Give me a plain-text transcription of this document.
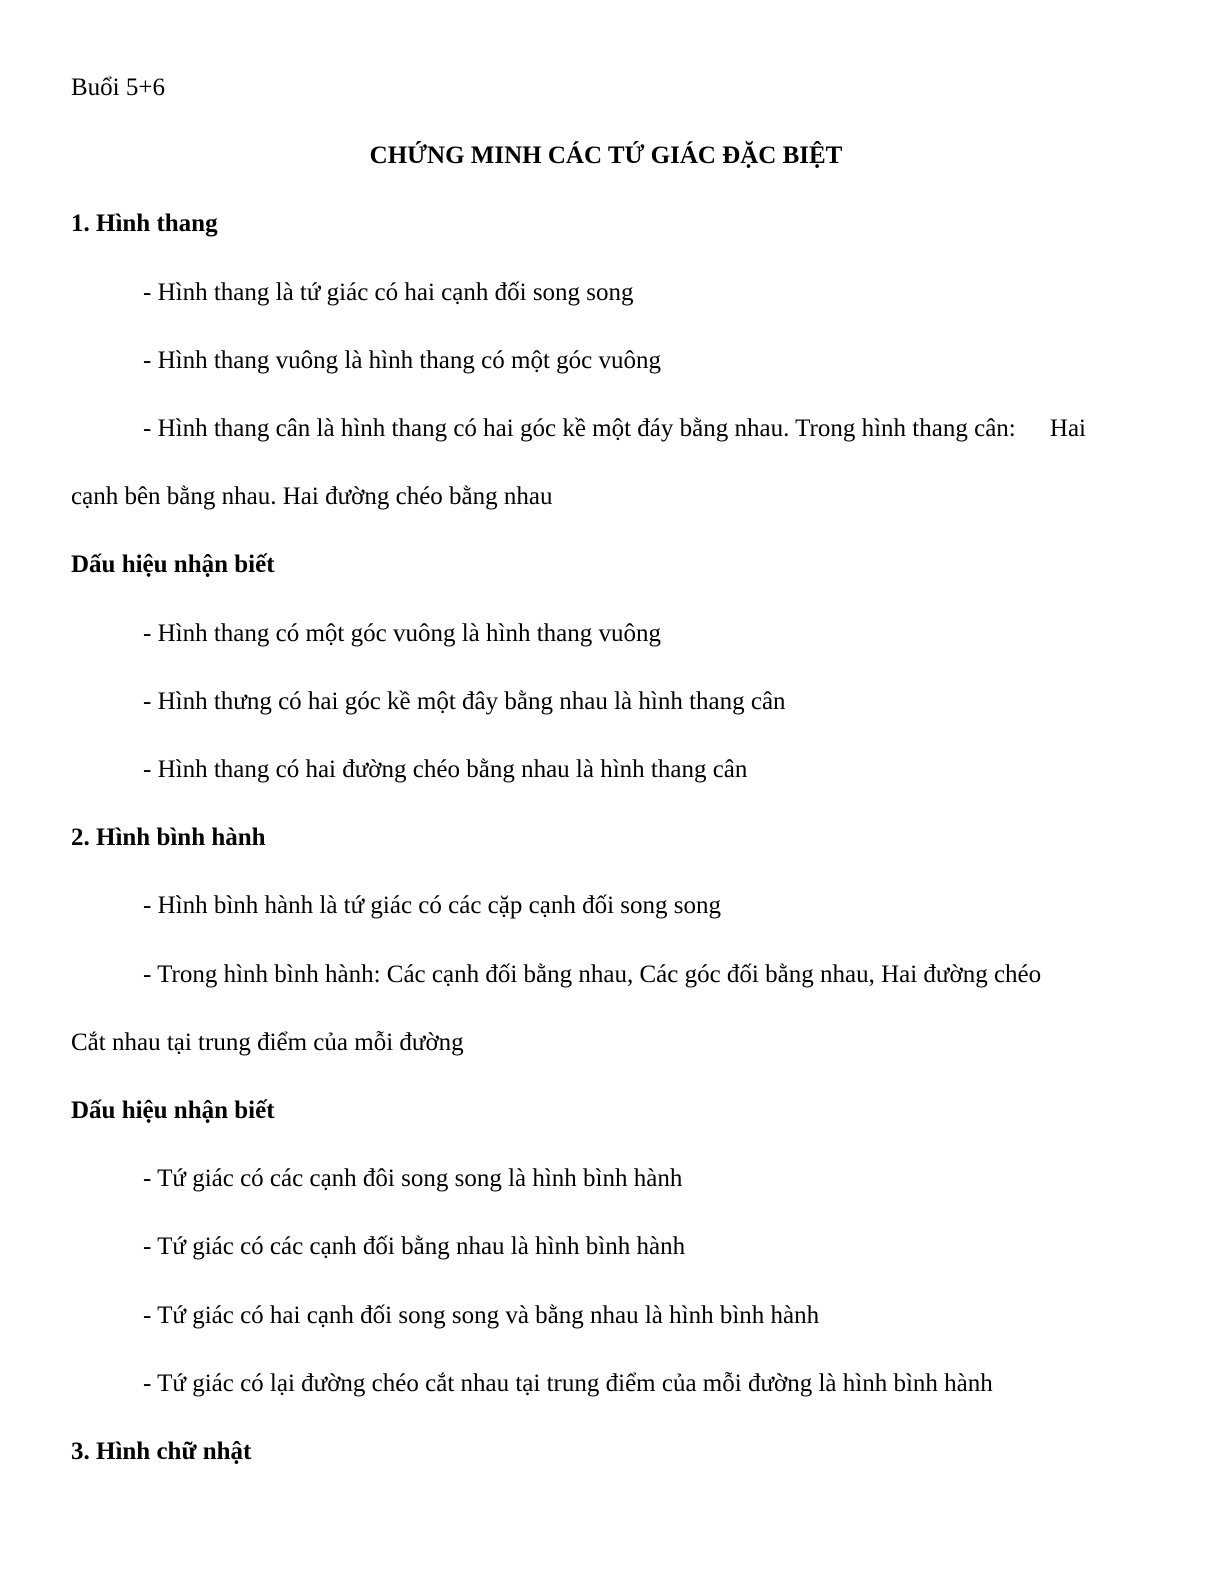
Buổi 5+6
CHỨNG MINH CÁC TỨ GIÁC ĐẶC BIỆT
1. Hình thang
- Hình thang là tứ giác có hai cạnh đối song song
- Hình thang vuông là hình thang có một góc vuông
- Hình thang cân là hình thang có hai góc kề một đáy bằng nhau. Trong hình thang cân: Hai
cạnh bên bằng nhau. Hai đường chéo bằng nhau
Dấu hiệu nhận biết
- Hình thang có một góc vuông là hình thang vuông
- Hình thưng có hai góc kề một đây bằng nhau là hình thang cân
- Hình thang có hai đường chéo bằng nhau là hình thang cân
2. Hình bình hành
- Hình bình hành là tứ giác có các cặp cạnh đối song song
- Trong hình bình hành: Các cạnh đối bằng nhau, Các góc đối bằng nhau, Hai đường chéo
Cắt nhau tại trung điểm của mỗi đường
Dấu hiệu nhận biết
- Tứ giác có các cạnh đôi song song là hình bình hành
- Tứ giác có các cạnh đối bằng nhau là hình bình hành
- Tứ giác có hai cạnh đối song song và bằng nhau là hình bình hành
- Tứ giác có lại đường chéo cắt nhau tại trung điểm của mỗi đường là hình bình hành
3. Hình chữ nhật
